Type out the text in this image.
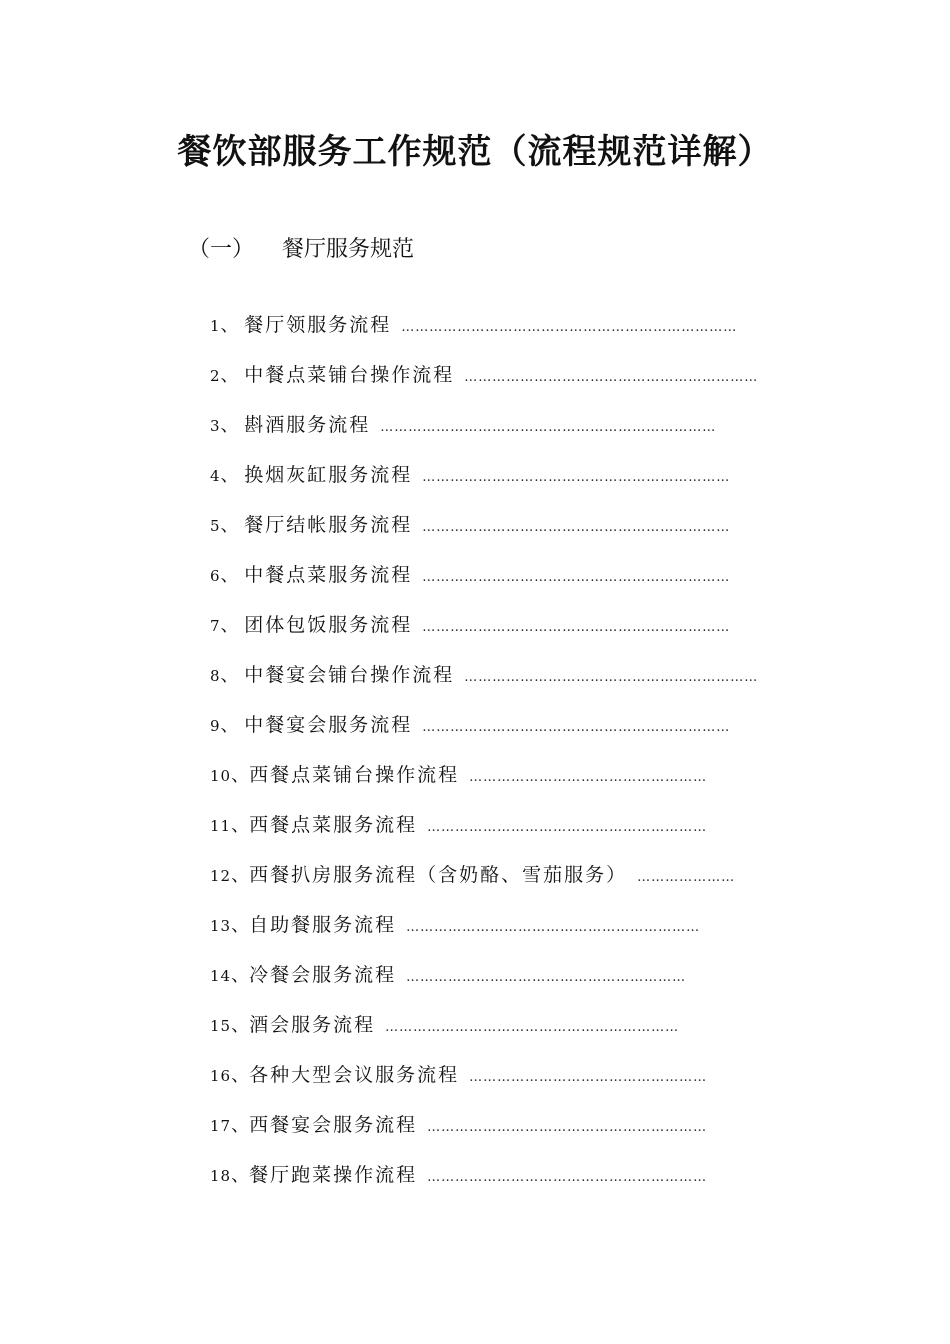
餐饮部服务工作规范（流程规范详解）
（一） 餐厅服务规范
1、 餐厅领服务流程 ………………………………………………………………
2、 中餐点菜铺台操作流程 ………………………………………………………
3、 斟酒服务流程 ………………………………………………………………
4、 换烟灰缸服务流程 …………………………………………………………
5、 餐厅结帐服务流程 …………………………………………………………
6、 中餐点菜服务流程 …………………………………………………………
7、 团体包饭服务流程 …………………………………………………………
8、 中餐宴会铺台操作流程 ………………………………………………………
9、 中餐宴会服务流程 …………………………………………………………
10、西餐点菜铺台操作流程 ……………………………………………
11、西餐点菜服务流程 ……………………………………………………
12、西餐扒房服务流程（含奶酪、雪茄服务） …………………
13、自助餐服务流程 ………………………………………………………
14、冷餐会服务流程 ……………………………………………………
15、酒会服务流程 ………………………………………………………
16、各种大型会议服务流程 ……………………………………………
17、西餐宴会服务流程 ……………………………………………………
18、餐厅跑菜操作流程 ……………………………………………………
